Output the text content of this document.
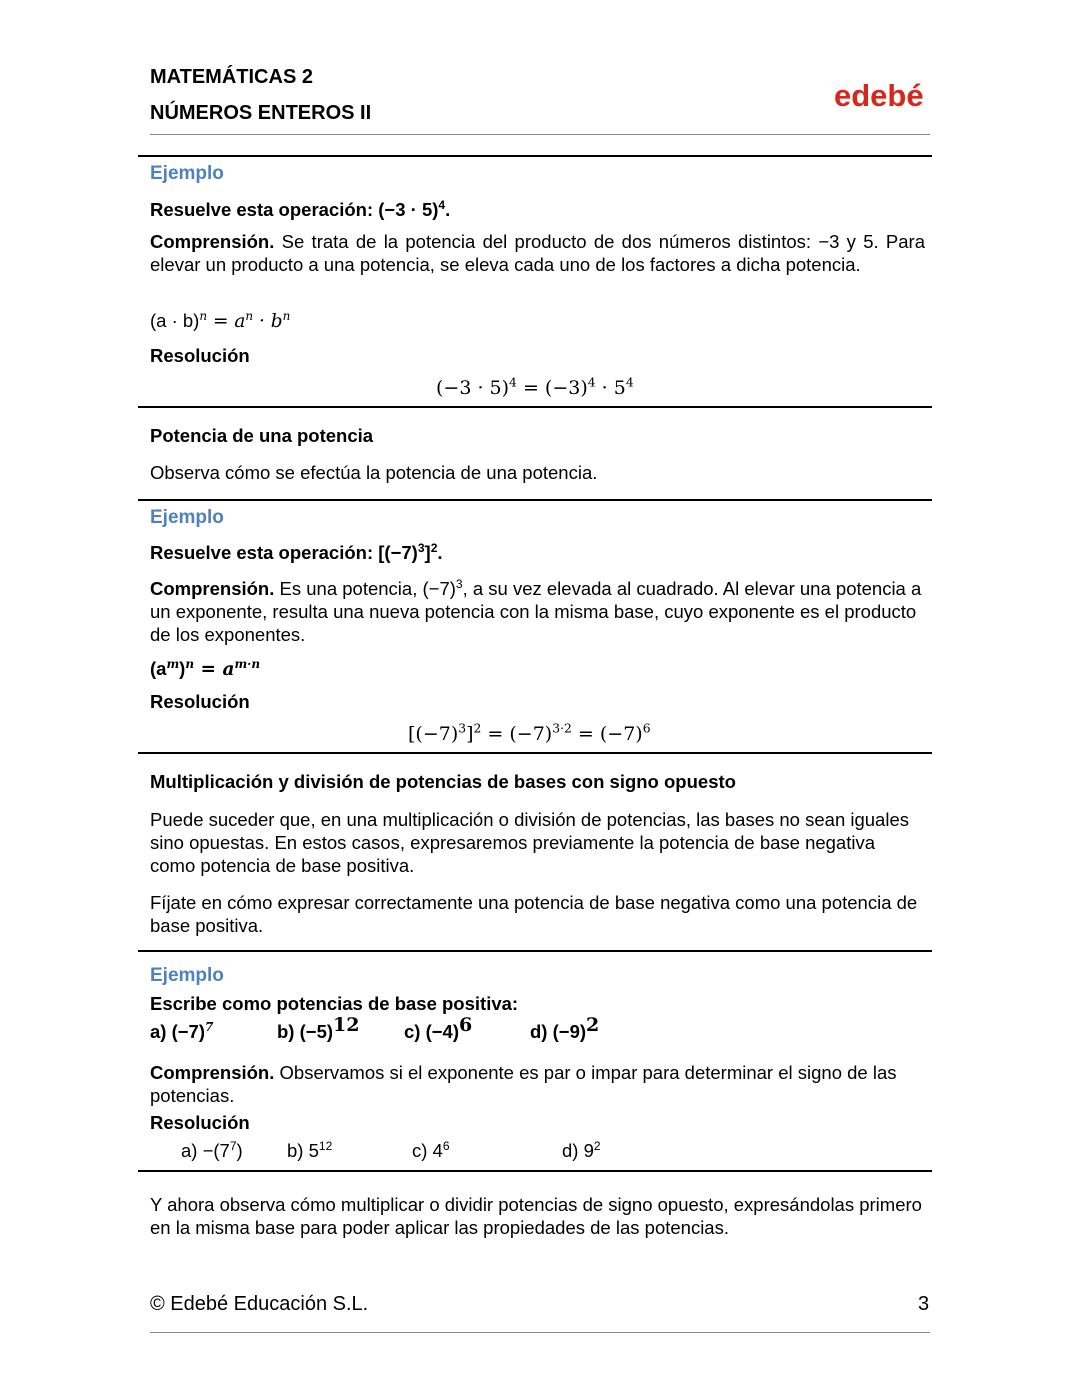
MATEMÁTICAS 2
NÚMEROS ENTEROS II	edebé
Ejemplo
Resuelve esta operación: $(-3 \cdot 5)^4$.
Comprensión. Se trata de la potencia del producto de dos números distintos: −3 y 5. Para elevar un producto a una potencia, se eleva cada uno de los factores a dicha potencia.
$(a \cdot b)^n = a^n \cdot b^n$
Resolución
$(-3 \cdot 5)^4 = (-3)^4 \cdot 5^4$
Potencia de una potencia
Observa cómo se efectúa la potencia de una potencia.
Ejemplo
Resuelve esta operación: $[(-7)^3]^2$.
Comprensión. Es una potencia, $(-7)^3$, a su vez elevada al cuadrado. Al elevar una potencia a un exponente, resulta una nueva potencia con la misma base, cuyo exponente es el producto de los exponentes.
$(a^m)^n = a^{m\cdot n}$
Resolución
$[(-7)^3]^2 = (-7)^{3\cdot 2} = (-7)^6$
Multiplicación y división de potencias de bases con signo opuesto
Puede suceder que, en una multiplicación o división de potencias, las bases no sean iguales sino opuestas. En estos casos, expresaremos previamente la potencia de base negativa como potencia de base positiva.
Fíjate en cómo expresar correctamente una potencia de base negativa como una potencia de base positiva.
Ejemplo
Escribe como potencias de base positiva:
a) $(-7)^7$	b) $(-5)^{12}$ c) $(-4)^6$	d) $(-9)^2$
Comprensión. Observamos si el exponente es par o impar para determinar el signo de las potencias.
Resolución
$a) -(7^7)$ b) $5^{12}$	c) $4^6$	d) $9^2$
Y ahora observa cómo multiplicar o dividir potencias de signo opuesto, expresándolas primero en la misma base para poder aplicar las propiedades de las potencias.
© Edebé Educación S.L.	3
